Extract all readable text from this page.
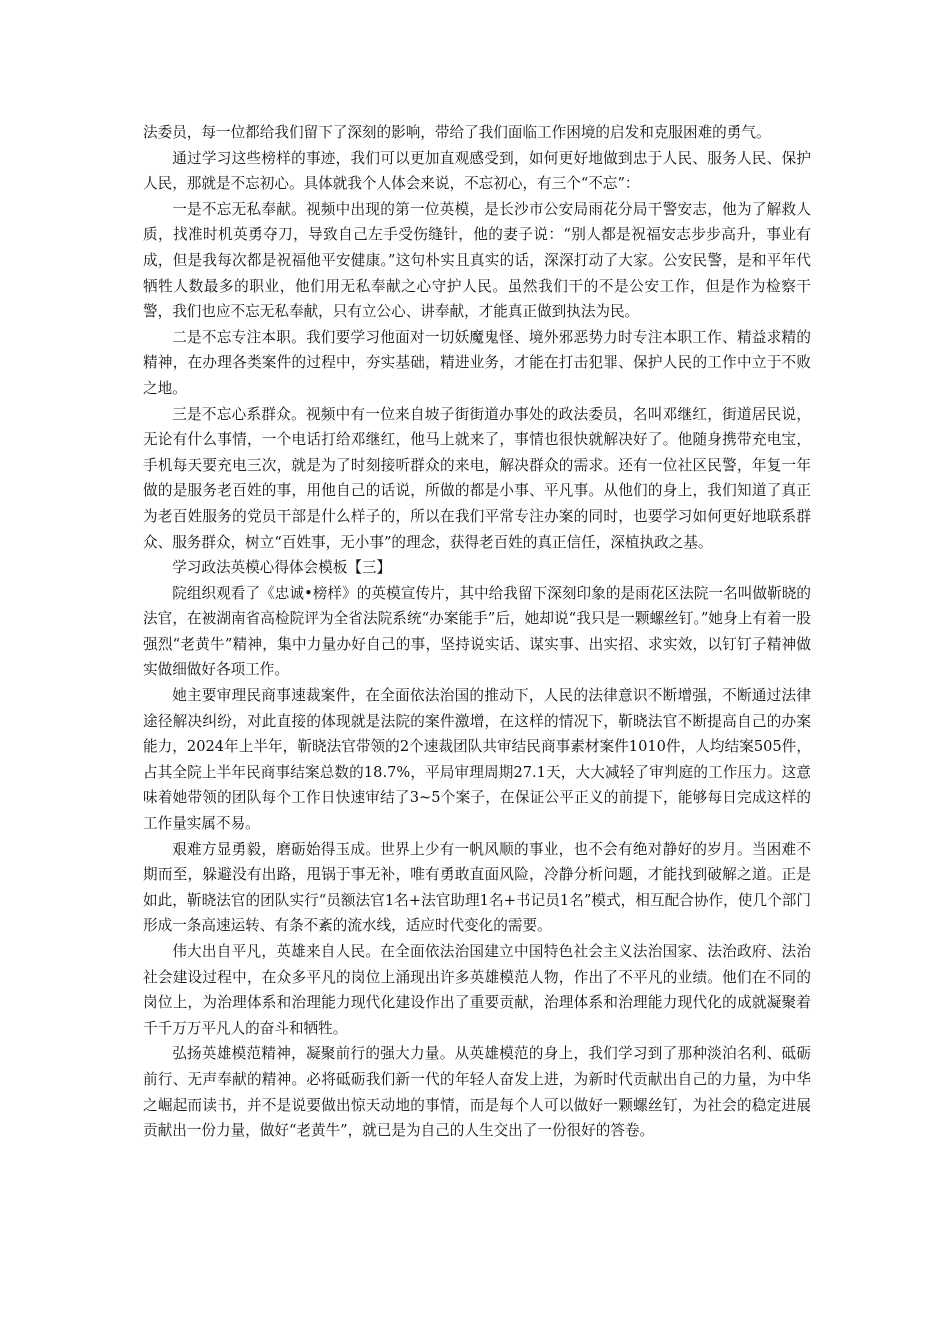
法委员，每一位都给我们留下了深刻的影响，带给了我们面临工作困境的启发和克服困难的勇气。

通过学习这些榜样的事迹，我们可以更加直观感受到，如何更好地做到忠于人民、服务人民、保护人民，那就是不忘初心。具体就我个人体会来说，不忘初心，有三个“不忘”：

一是不忘无私奉献。视频中出现的第一位英模，是长沙市公安局雨花分局干警安志，他为了解救人质，找准时机英勇夺刀，导致自己左手受伤缝针，他的妻子说：“别人都是祝福安志步步高升，事业有成，但是我每次都是祝福他平安健康。”这句朴实且真实的话，深深打动了大家。公安民警，是和平年代牺牲人数最多的职业，他们用无私奉献之心守护人民。虽然我们干的不是公安工作，但是作为检察干警，我们也应不忘无私奉献，只有立公心、讲奉献，才能真正做到执法为民。

二是不忘专注本职。我们要学习他面对一切妖魔鬼怪、境外邪恶势力时专注本职工作、精益求精的精神，在办理各类案件的过程中，夯实基础，精进业务，才能在打击犯罪、保护人民的工作中立于不败之地。

三是不忘心系群众。视频中有一位来自坡子街街道办事处的政法委员，名叫邓继红，街道居民说，无论有什么事情，一个电话打给邓继红，他马上就来了，事情也很快就解决好了。他随身携带充电宝，手机每天要充电三次，就是为了时刻接听群众的来电，解决群众的需求。还有一位社区民警，年复一年做的是服务老百姓的事，用他自己的话说，所做的都是小事、平凡事。从他们的身上，我们知道了真正为老百姓服务的党员干部是什么样子的，所以在我们平常专注办案的同时，也要学习如何更好地联系群众、服务群众，树立“百姓事，无小事”的理念，获得老百姓的真正信任，深植执政之基。

学习政法英模心得体会模板【三】

院组织观看了《忠诚•榜样》的英模宣传片，其中给我留下深刻印象的是雨花区法院一名叫做靳晓的法官，在被湖南省高检院评为全省法院系统“办案能手”后，她却说“我只是一颗螺丝钉。”她身上有着一股强烈“老黄牛”精神，集中力量办好自己的事，坚持说实话、谋实事、出实招、求实效，以钉钉子精神做实做细做好各项工作。

她主要审理民商事速裁案件，在全面依法治国的推动下，人民的法律意识不断增强，不断通过法律途径解决纠纷，对此直接的体现就是法院的案件激增，在这样的情况下，靳晓法官不断提高自己的办案能力，2024年上半年，靳晓法官带领的2个速裁团队共审结民商事素材案件1010件，人均结案505件，占其全院上半年民商事结案总数的18.7%，平局审理周期27.1天，大大减轻了审判庭的工作压力。这意味着她带领的团队每个工作日快速审结了3~5个案子，在保证公平正义的前提下，能够每日完成这样的工作量实属不易。

艰难方显勇毅，磨砺始得玉成。世界上少有一帆风顺的事业，也不会有绝对静好的岁月。当困难不期而至，躲避没有出路，甩锅于事无补，唯有勇敢直面风险，冷静分析问题，才能找到破解之道。正是如此，靳晓法官的团队实行“员额法官1名+法官助理1名+书记员1名”模式，相互配合协作，使几个部门形成一条高速运转、有条不紊的流水线，适应时代变化的需要。

伟大出自平凡，英雄来自人民。在全面依法治国建立中国特色社会主义法治国家、法治政府、法治社会建设过程中，在众多平凡的岗位上涌现出许多英雄模范人物，作出了不平凡的业绩。他们在不同的岗位上，为治理体系和治理能力现代化建设作出了重要贡献，治理体系和治理能力现代化的成就凝聚着千千万万平凡人的奋斗和牺牲。

弘扬英雄模范精神，凝聚前行的强大力量。从英雄模范的身上，我们学习到了那种淡泊名利、砥砺前行、无声奉献的精神。必将砥砺我们新一代的年轻人奋发上进，为新时代贡献出自己的力量，为中华之崛起而读书，并不是说要做出惊天动地的事情，而是每个人可以做好一颗螺丝钉，为社会的稳定进展贡献出一份力量，做好“老黄牛”，就已是为自己的人生交出了一份很好的答卷。
